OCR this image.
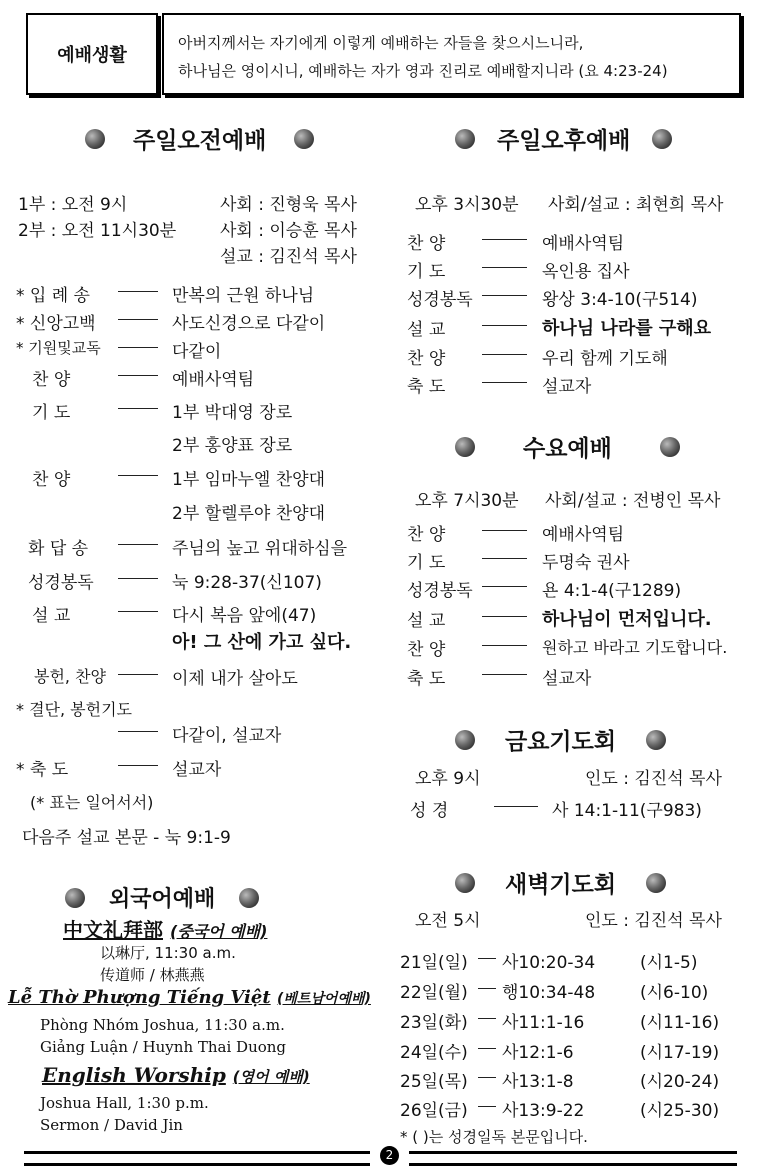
예배생활
아버지께서는 자기에게 이렇게 예배하는 자들을 찾으시느니라,
하나님은 영이시니, 예배하는 자가 영과 진리로 예배할지니라 (요 4:23-24)
주일오전예배
1부 : 오전 9시	사회 : 진형욱 목사
2부 : 오전 11시30분	사회 : 이승훈 목사
설교 : 김진석 목사
* 입 례 송	만복의 근원 하나님
* 신앙고백	사도신경으로 다같이
* 기원및교독	다같이
찬 양	예배사역팀
기 도	1부 박대영 장로
2부 홍양표 장로
찬 양	1부 임마누엘 찬양대
2부 할렐루야 찬양대
화 답 송	주님의 높고 위대하심을
성경봉독	눅 9:28-37(신107)
설 교	다시 복음 앞에(47)
아! 그 산에 가고 싶다.
봉헌, 찬양	이제 내가 살아도
* 결단, 봉헌기도
다같이, 설교자
* 축 도	설교자
(* 표는 일어서서)
다음주 설교 본문 - 눅 9:1-9
외국어예배
中文礼拜部 (중국어 예배)
以琳厅, 11:30 a.m.
传道师 / 林燕燕
Lễ Thờ Phượng Tiếng Việt (베트남어예배)
Phòng Nhóm Joshua, 11:30 a.m.
Giảng Luận / Huynh Thai Duong
English Worship (영어 예배)
Joshua Hall, 1:30 p.m.
Sermon / David Jin
주일오후예배
오후 3시30분 사회/설교 : 최현희 목사
찬 양	예배사역팀
기 도	옥인용 집사
성경봉독	왕상 3:4-10(구514)
설 교	하나님 나라를 구해요
찬 양	우리 함께 기도해
축 도	설교자
수요예배
오후 7시30분 사회/설교 : 전병인 목사
찬 양	예배사역팀
기 도	두명숙 권사
성경봉독	욘 4:1-4(구1289)
설 교	하나님이 먼저입니다.
찬 양	원하고 바라고 기도합니다.
축 도	설교자
금요기도회
오후 9시	인도 : 김진석 목사
성 경	사 14:1-11(구983)
새벽기도회
오전 5시	인도 : 김진석 목사
21일(일) 사10:20-34	(시1-5)
22일(월) 행10:34-48	(시6-10)
23일(화) 사11:1-16	(시11-16)
24일(수) 사12:1-6	(시17-19)
25일(목) 사13:1-8	(시20-24)
26일(금) 사13:9-22	(시25-30)
* ( )는 성경일독 본문입니다.
2
